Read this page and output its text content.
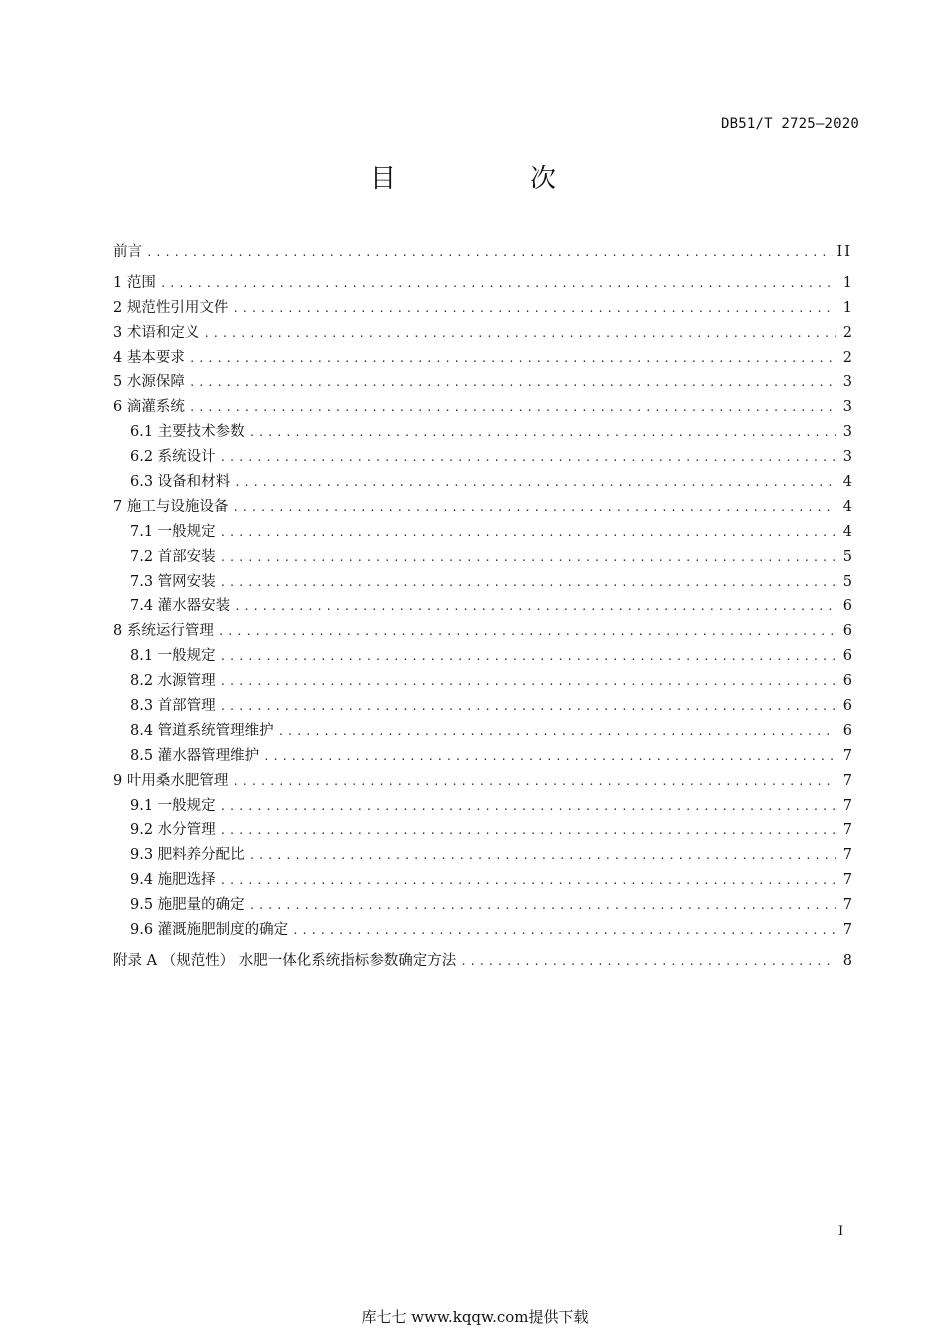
DB51/T 2725—2020
目　次
前言 .....	II
1 范围 .....	1
2 规范性引用文件 .....	1
3 术语和定义 .....	2
4 基本要求 .....	2
5 水源保障 .....	3
6 滴灌系统 .....	3
6.1 主要技术参数 .....	3
6.2 系统设计 .....	3
6.3 设备和材料 .....	4
7 施工与设施设备 .....	4
7.1 一般规定 .....	4
7.2 首部安装 .....	5
7.3 管网安装 .....	5
7.4 灌水器安装 .....	6
8 系统运行管理 .....	6
8.1 一般规定 .....	6
8.2 水源管理 .....	6
8.3 首部管理 .....	6
8.4 管道系统管理维护 .....	6
8.5 灌水器管理维护 .....	7
9 叶用桑水肥管理 .....	7
9.1 一般规定 .....	7
9.2 水分管理 .....	7
9.3 肥料养分配比 .....	7
9.4 施肥选择 .....	7
9.5 施肥量的确定 .....	7
9.6 灌溉施肥制度的确定 .....	7
附录 A （规范性） 水肥一体化系统指标参数确定方法 .....	8
I
库七七 www.kqqw.com提供下载
